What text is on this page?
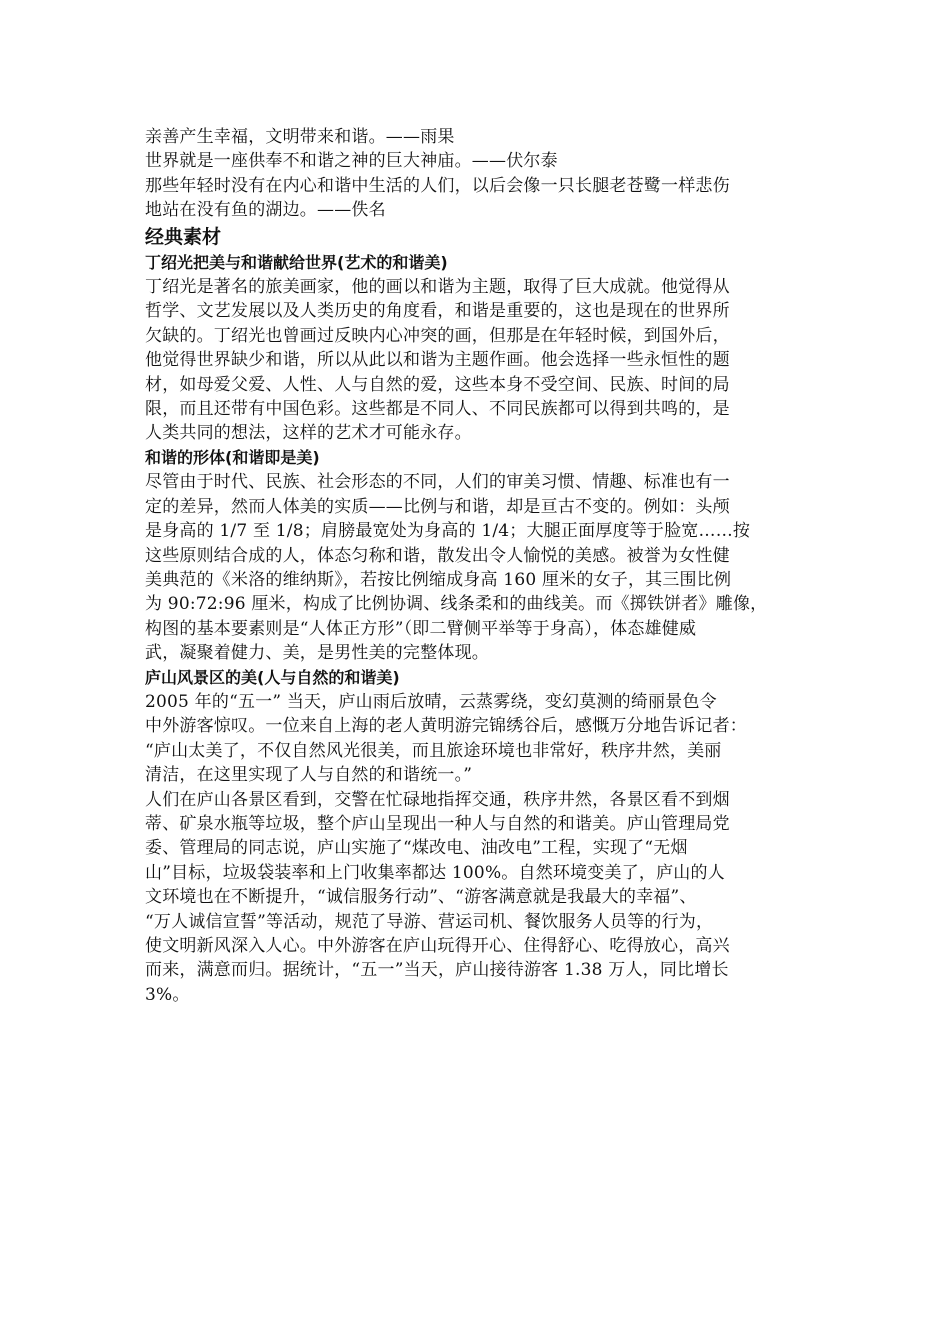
亲善产生幸福，文明带来和谐。——雨果
世界就是一座供奉不和谐之神的巨大神庙。——伏尔泰
那些年轻时没有在内心和谐中生活的人们，以后会像一只长腿老苍鹭一样悲伤
地站在没有鱼的湖边。——佚名
经典素材
丁绍光把美与和谐献给世界(艺术的和谐美)
丁绍光是著名的旅美画家，他的画以和谐为主题，取得了巨大成就。他觉得从
哲学、文艺发展以及人类历史的角度看，和谐是重要的，这也是现在的世界所
欠缺的。丁绍光也曾画过反映内心冲突的画，但那是在年轻时候，到国外后，
他觉得世界缺少和谐，所以从此以和谐为主题作画。他会选择一些永恒性的题
材，如母爱父爱、人性、人与自然的爱，这些本身不受空间、民族、时间的局
限，而且还带有中国色彩。这些都是不同人、不同民族都可以得到共鸣的，是
人类共同的想法，这样的艺术才可能永存。
和谐的形体(和谐即是美)
尽管由于时代、民族、社会形态的不同，人们的审美习惯、情趣、标准也有一
定的差异，然而人体美的实质——比例与和谐，却是亘古不变的。例如：头颅
是身高的 1/7 至 1/8；肩膀最宽处为身高的 1/4；大腿正面厚度等于脸宽……按
这些原则结合成的人，体态匀称和谐，散发出令人愉悦的美感。被誉为女性健
美典范的《米洛的维纳斯》，若按比例缩成身高 160 厘米的女子，其三围比例
为 90:72:96 厘米，构成了比例协调、线条柔和的曲线美。而《掷铁饼者》雕像，
构图的基本要素则是“人体正方形”（即二臂侧平举等于身高），体态雄健威
武，凝聚着健力、美，是男性美的完整体现。
庐山风景区的美(人与自然的和谐美)
2005 年的“五一” 当天，庐山雨后放晴，云蒸雾绕，变幻莫测的绮丽景色令
中外游客惊叹。一位来自上海的老人黄明游完锦绣谷后，感慨万分地告诉记者：
“庐山太美了，不仅自然风光很美，而且旅途环境也非常好，秩序井然，美丽
清洁，在这里实现了人与自然的和谐统一。”
人们在庐山各景区看到，交警在忙碌地指挥交通，秩序井然，各景区看不到烟
蒂、矿泉水瓶等垃圾，整个庐山呈现出一种人与自然的和谐美。庐山管理局党
委、管理局的同志说，庐山实施了“煤改电、油改电”工程，实现了“无烟
山”目标，垃圾袋装率和上门收集率都达 100%。自然环境变美了，庐山的人
文环境也在不断提升，“诚信服务行动”、“游客满意就是我最大的幸福”、
“万人诚信宣誓”等活动，规范了导游、营运司机、餐饮服务人员等的行为，
使文明新风深入人心。中外游客在庐山玩得开心、住得舒心、吃得放心，高兴
而来，满意而归。据统计，“五一”当天，庐山接待游客 1.38 万人，同比增长
3%。
